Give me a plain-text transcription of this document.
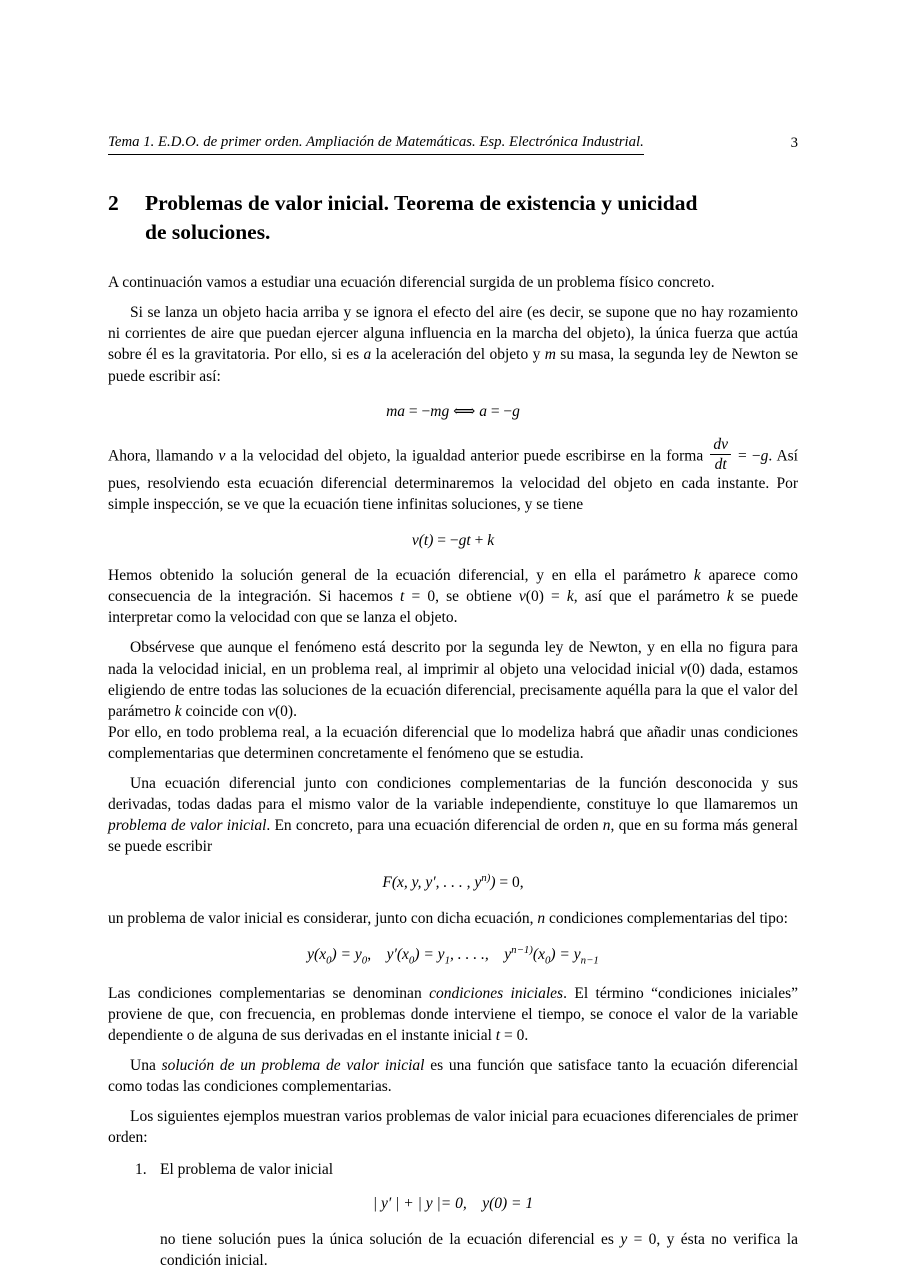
Tema 1. E.D.O. de primer orden. Ampliación de Matemáticas. Esp. Electrónica Industrial.	3
2	Problemas de valor inicial. Teorema de existencia y unicidad
de soluciones.

A continuación vamos a estudiar una ecuación diferencial surgida de un problema físico concreto.

Si se lanza un objeto hacia arriba y se ignora el efecto del aire (es decir, se supone que no hay rozamiento ni corrientes de aire que puedan ejercer alguna influencia en la marcha del objeto), la única fuerza que actúa sobre él es la gravitatoria. Por ello, si es a la aceleración del objeto y m su masa, la segunda ley de Newton se puede escribir así:

ma = −mg ⟺ a = −g

Ahora, llamando v a la velocidad del objeto, la igualdad anterior puede escribirse en la forma $\frac{dv}{dt} = -g$. Así pues, resolviendo esta ecuación diferencial determinaremos la velocidad del objeto en cada instante. Por simple inspección, se ve que la ecuación tiene infinitas soluciones, y se tiene

v(t) = −gt + k

Hemos obtenido la solución general de la ecuación diferencial, y en ella el parámetro k aparece como consecuencia de la integración. Si hacemos t = 0, se obtiene v(0) = k, así que el parámetro k se puede interpretar como la velocidad con que se lanza el objeto.

Obsérvese que aunque el fenómeno está descrito por la segunda ley de Newton, y en ella no figura para nada la velocidad inicial, en un problema real, al imprimir al objeto una velocidad inicial v(0) dada, estamos eligiendo de entre todas las soluciones de la ecuación diferencial, precisamente aquélla para la que el valor del parámetro k coincide con v(0).

Por ello, en todo problema real, a la ecuación diferencial que lo modeliza habrá que añadir unas condiciones complementarias que determinen concretamente el fenómeno que se estudia.

Una ecuación diferencial junto con condiciones complementarias de la función desconocida y sus derivadas, todas dadas para el mismo valor de la variable independiente, constituye lo que llamaremos un problema de valor inicial. En concreto, para una ecuación diferencial de orden n, que en su forma más general se puede escribir

F(x, y, y′, . . . , $y^{n)}) = 0$,

un problema de valor inicial es considerar, junto con dicha ecuación, n condiciones complementarias del tipo:

$y(x_0) = y_0$, $y'(x_0) = y_1$, . . . .,  $y^{n-1)}(x_0) = y_{n-1}$

Las condiciones complementarias se denominan condiciones iniciales. El término “condiciones iniciales” proviene de que, con frecuencia, en problemas donde interviene el tiempo, se conoce el valor de la variable dependiente o de alguna de sus derivadas en el instante inicial t = 0.

Una solución de un problema de valor inicial es una función que satisface tanto la ecuación diferencial como todas las condiciones complementarias.

Los siguientes ejemplos muestran varios problemas de valor inicial para ecuaciones diferenciales de primer orden:

1. El problema de valor inicial
| y′ | + | y |= 0,  y(0) = 1

no tiene solución pues la única solución de la ecuación diferencial es y = 0, y ésta no verifica la condición inicial.
